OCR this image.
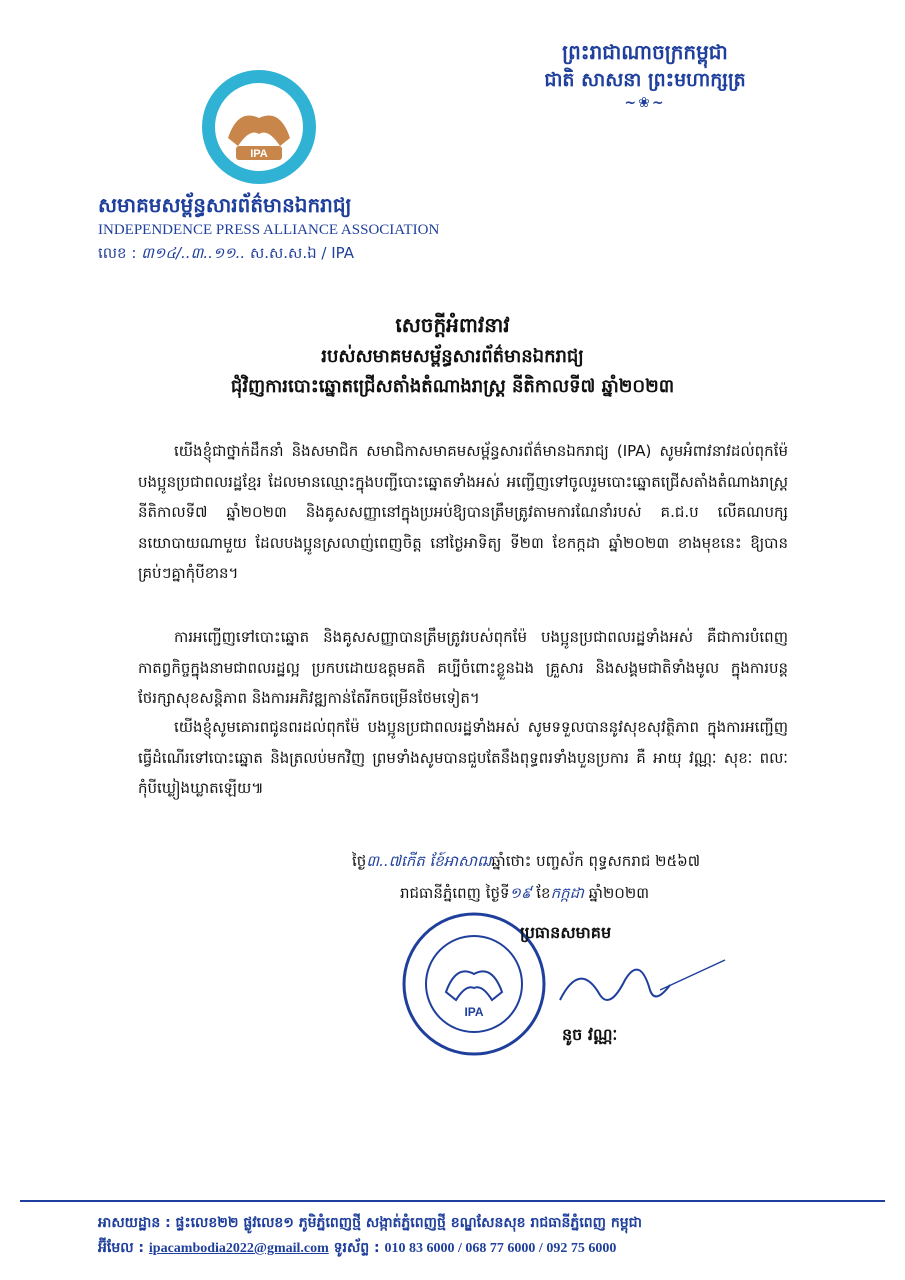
ព្រះរាជាណាចក្រកម្ពុជា
ជាតិ សាសនា ព្រះមហាក្សត្រ
~❀~
IPA
សមាគមសម្ព័ន្ធសារព័ត៌មានឯករាជ្យ
INDEPENDENCE PRESS ALLIANCE ASSOCIATION
លេខ : ៣១៤/..៣..១១.. ស.ស.ស.ឯ / IPA
សេចក្តីអំពាវនាវ
របស់សមាគមសម្ព័ន្ធសារព័ត៌មានឯករាជ្យ
ជុំវិញការបោះឆ្នោតជ្រើសតាំងតំណាងរាស្ត្រ នីតិកាលទី៧ ឆ្នាំ២០២៣
យើងខ្ញុំជាថ្នាក់ដឹកនាំ និងសមាជិក សមាជិកាសមាគមសម្ព័ន្ធសារព័ត៌មានឯករាជ្យ (IPA) សូមអំពាវនាវដល់ពុកម៉ែ បងប្អូនប្រជាពលរដ្ឋខ្មែរ ដែលមានឈ្មោះក្នុងបញ្ជីបោះឆ្នោតទាំងអស់ អញ្ជើញទៅចូលរួមបោះឆ្នោតជ្រើសតាំងតំណាងរាស្ត្រ នីតិកាលទី៧ ឆ្នាំ២០២៣ និងគូសសញ្ញានៅក្នុងប្រអប់ឱ្យបានត្រឹមត្រូវតាមការណែនាំរបស់ គ.ជ.ប លើគណបក្សនយោបាយណាមួយ ដែលបងប្អូនស្រលាញ់ពេញចិត្ត នៅថ្ងៃអាទិត្យ ទី២៣ ខែកក្កដា ឆ្នាំ២០២៣ ខាងមុខនេះ ឱ្យបានគ្រប់ៗគ្នាកុំបីខាន។
ការអញ្ជើញទៅបោះឆ្នោត និងគូសសញ្ញាបានត្រឹមត្រូវរបស់ពុកម៉ែ បងប្អូនប្រជាពលរដ្ឋទាំងអស់ គឺជាការបំពេញកាតព្វកិច្ចក្នុងនាមជាពលរដ្ឋល្អ ប្រកបដោយឧត្តមគតិ គប្បីចំពោះខ្លួនឯង គ្រួសារ និងសង្គមជាតិទាំងមូល ក្នុងការបន្តថែរក្សាសុខសន្តិភាព និងការអភិវឌ្ឍកាន់តែរីកចម្រើនថែមទៀត។
យើងខ្ញុំសូមគោរពជូនពរដល់ពុកម៉ែ បងប្អូនប្រជាពលរដ្ឋទាំងអស់ សូមទទួលបាននូវសុខសុវត្ថិភាព ក្នុងការអញ្ជើញធ្វើដំណើរទៅបោះឆ្នោត និងត្រលប់មកវិញ ព្រមទាំងសូមបានជួបតែនឹងពុទ្ធពរទាំងបួនប្រការ គឺ អាយុ វណ្ណៈ សុខៈ ពលៈ កុំបីឃ្លៀងឃ្លាតឡើយ៕
ថ្ងៃ៣..៧កើត ខែ៍អាសាឍឆ្នាំថោះ បញ្ចស័ក ពុទ្ធសករាជ ២៥៦៧
រាជធានីភ្នំពេញ ថ្ងៃទី១៩ ខែកក្កដា ឆ្នាំ២០២៣
IPA
ប្រធានសមាគម
នូច វណ្ណៈ
អាសយដ្ឋាន : ផ្ទះលេខ២២ ផ្លូវលេខ១ ភូមិភ្នំពេញថ្មី សង្កាត់ភ្នំពេញថ្មី ខណ្ឌសែនសុខ រាជធានីភ្នំពេញ កម្ពុជា
អ៊ីមែល : ipacambodia2022@gmail.com ទូរស័ព្ទ : 010 83 6000 / 068 77 6000 / 092 75 6000
